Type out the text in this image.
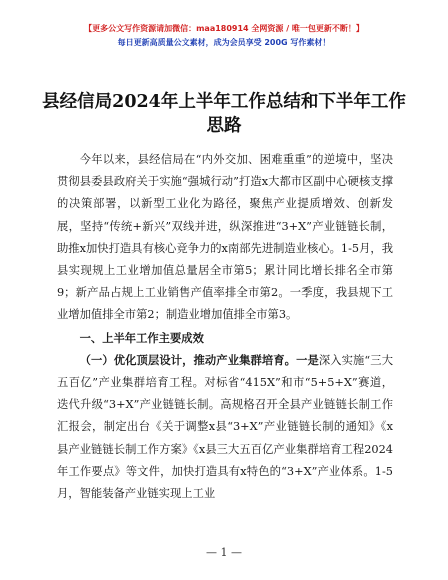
【更多公文写作资源请加微信：maa180914 全网资源 / 唯一包更新不断！】
每日更新高质量公文素材，成为会员享受 200G 写作素材！
县经信局2024年上半年工作总结和下半年工作思路

今年以来，县经信局在“内外交加、困难重重”的逆境中，坚决贯彻县委县政府关于实施“强城行动”打造x大都市区副中心硬核支撑的决策部署，以新型工业化为路径，聚焦产业提质增效、创新发展，坚持“传统+新兴”双线并进，纵深推进“3+X”产业链链长制，助推x加快打造具有核心竞争力的x南部先进制造业核心。1-5月，我县实现规上工业增加值总量居全市第5；累计同比增长排名全市第9；新产品占规上工业销售产值率排全市第2。一季度，我县规下工业增加值排全市第2；制造业增加值排全市第3。

一、上半年工作主要成效

（一）优化顶层设计，推动产业集群培育。一是深入实施“三大五百亿”产业集群培育工程。对标省“415X”和市“5+5+X”赛道，迭代升级“3+X”产业链链长制。高规格召开全县产业链链长制工作汇报会，制定出台《关于调整x县“3+X”产业链链长制的通知》《x县产业链链长制工作方案》《x县三大五百亿产业集群培育工程2024年工作要点》等文件，加快打造具有x特色的“3+X”产业体系。1-5月，智能装备产业链实现上工业

— 1 —
